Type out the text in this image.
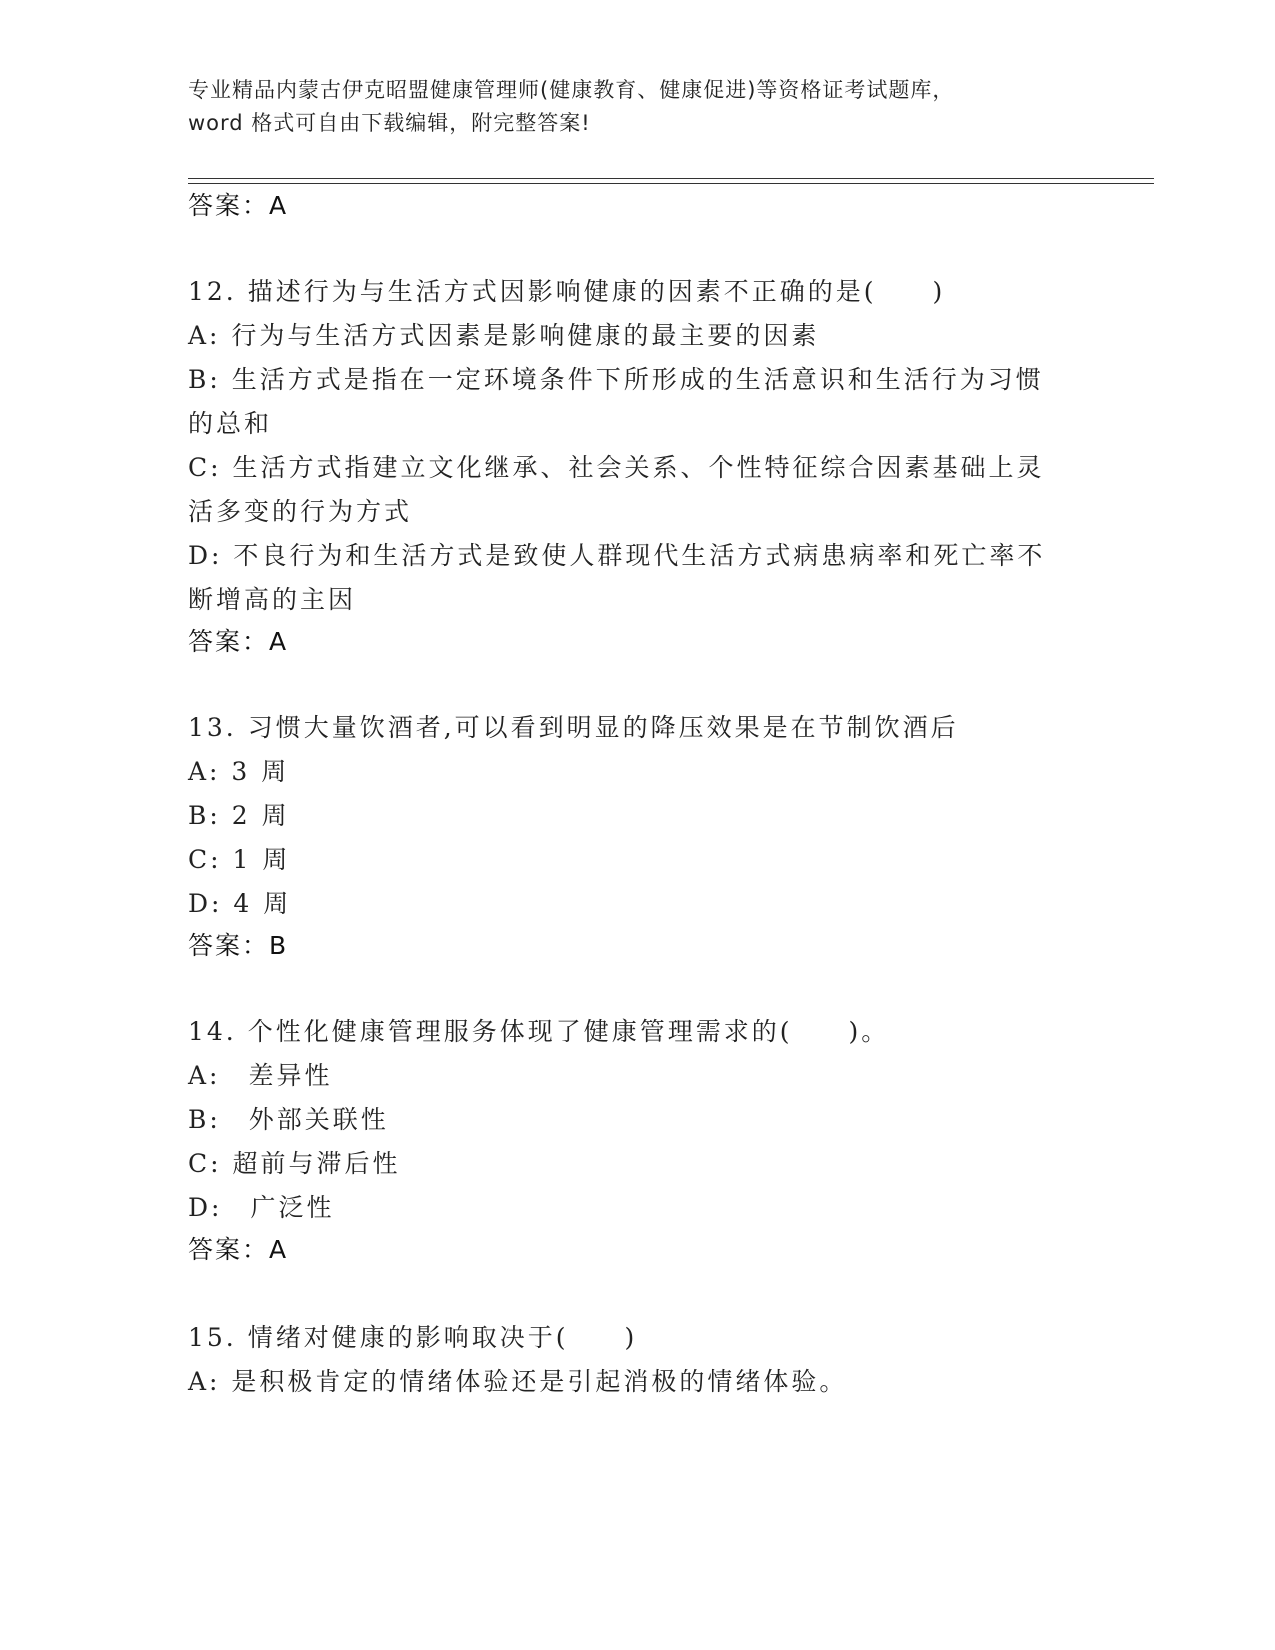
专业精品内蒙古伊克昭盟健康管理师(健康教育、健康促进)等资格证考试题库，
word 格式可自由下载编辑，附完整答案!
答案：A
12. 描述行为与生活方式因影响健康的因素不正确的是(　　)
A: 行为与生活方式因素是影响健康的最主要的因素
B: 生活方式是指在一定环境条件下所形成的生活意识和生活行为习惯
的总和
C: 生活方式指建立文化继承、社会关系、个性特征综合因素基础上灵
活多变的行为方式
D: 不良行为和生活方式是致使人群现代生活方式病患病率和死亡率不
断增高的主因
答案：A
13. 习惯大量饮酒者,可以看到明显的降压效果是在节制饮酒后
A: 3 周
B: 2 周
C: 1 周
D: 4 周
答案：B
14. 个性化健康管理服务体现了健康管理需求的(　　)。
A:　差异性
B:　外部关联性
C: 超前与滞后性
D:　广泛性
答案：A
15. 情绪对健康的影响取决于(　　)
A: 是积极肯定的情绪体验还是引起消极的情绪体验。
